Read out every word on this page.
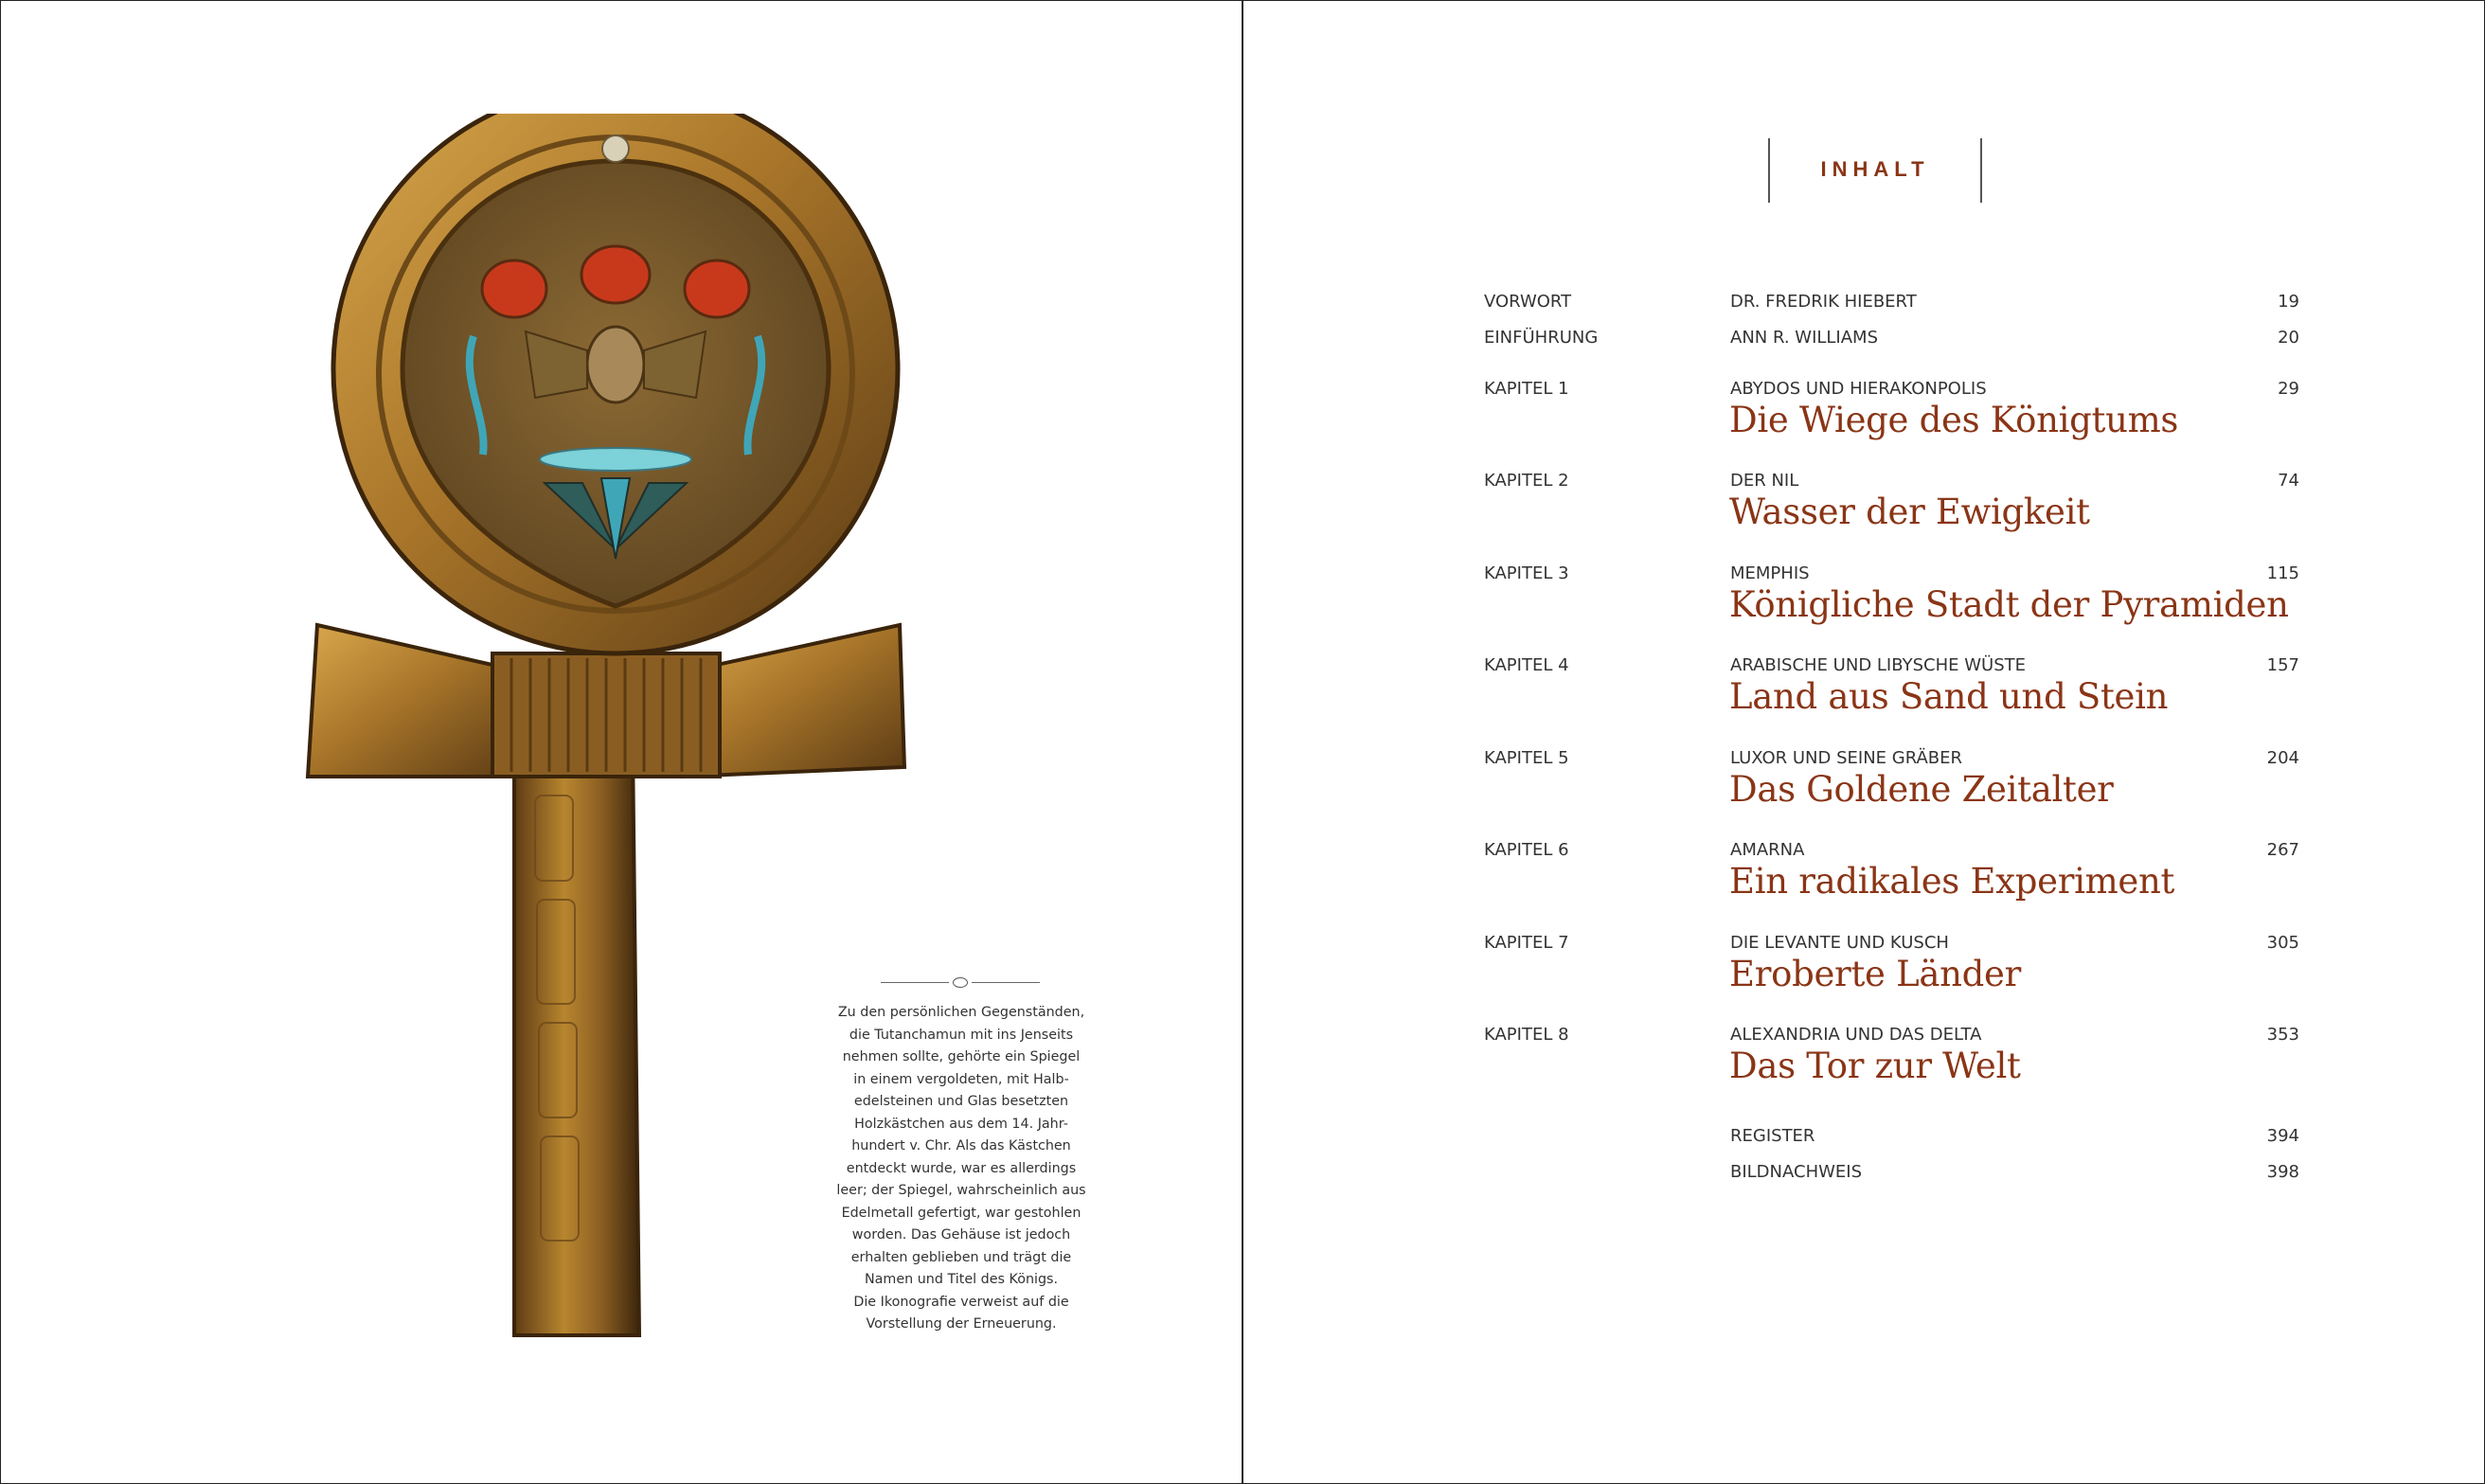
Zu den persönlichen Gegenständen,
die Tutanchamun mit ins Jenseits
nehmen sollte, gehörte ein Spiegel
in einem vergoldeten, mit Halb-
edelsteinen und Glas besetzten
Holzkästchen aus dem 14. Jahr-
hundert v. Chr. Als das Kästchen
entdeckt wurde, war es allerdings
leer; der Spiegel, wahrscheinlich aus
Edelmetall gefertigt, war gestohlen
worden. Das Gehäuse ist jedoch
erhalten geblieben und trägt die
Namen und Titel des Königs.
Die Ikonografie verweist auf die
Vorstellung der Erneuerung.

INHALT
VORWORT	DR. FREDRIK HIEBERT	19
EINFÜHRUNG	ANN R. WILLIAMS	20
KAPITEL 1	ABYDOS UND HIERAKONPOLIS	29
Die Wiege des Königtums
KAPITEL 2	DER NIL	74
Wasser der Ewigkeit
KAPITEL 3	MEMPHIS	115
Königliche Stadt der Pyramiden
KAPITEL 4	ARABISCHE UND LIBYSCHE WÜSTE	157
Land aus Sand und Stein
KAPITEL 5	LUXOR UND SEINE GRÄBER	204
Das Goldene Zeitalter
KAPITEL 6	AMARNA	267
Ein radikales Experiment
KAPITEL 7	DIE LEVANTE UND KUSCH	305
Eroberte Länder
KAPITEL 8	ALEXANDRIA UND DAS DELTA	353
Das Tor zur Welt
REGISTER	394
BILDNACHWEIS	398
